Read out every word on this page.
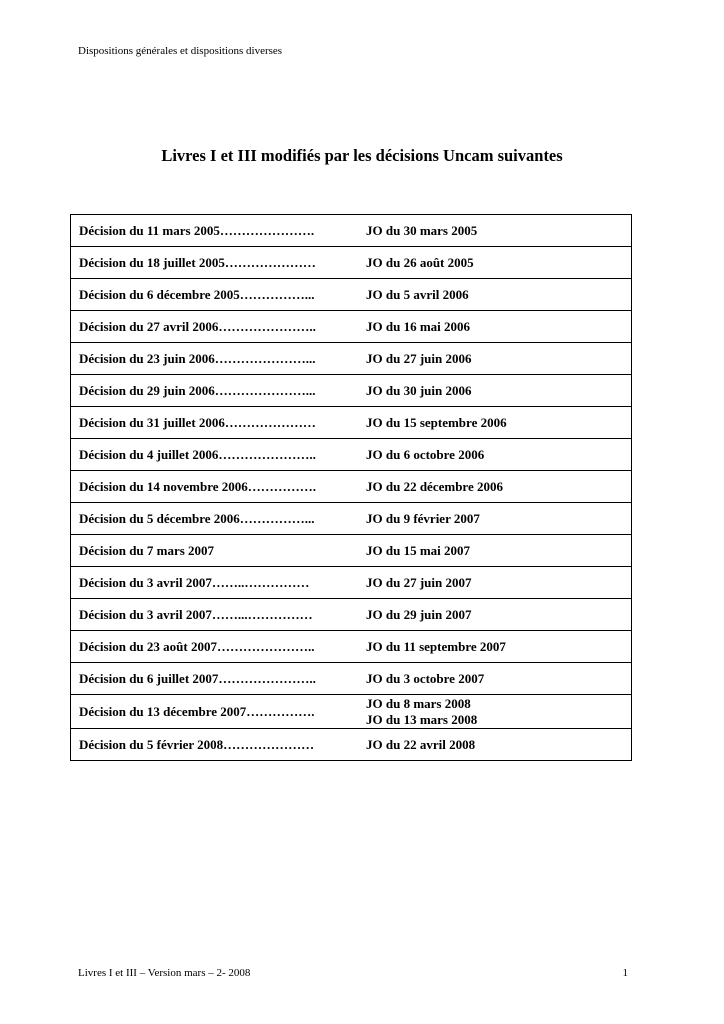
Dispositions générales et dispositions diverses
Livres I et III modifiés par les décisions Uncam suivantes
Décision du 11 mars 2005………………….	JO du 30 mars 2005

Décision du 18 juillet 2005…………………	JO du 26 août 2005

Décision du 6 décembre 2005……………...	JO du 5 avril 2006

Décision du 27 avril 2006…………………..	JO du 16 mai 2006

Décision du 23 juin 2006…………………...	JO du 27 juin 2006

Décision du 29 juin 2006…………………...	JO du 30 juin 2006

Décision du 31 juillet 2006…………………	JO du 15 septembre 2006

Décision du 4 juillet 2006…………………..	JO du 6 octobre 2006

Décision du 14 novembre 2006…………….	JO du 22 décembre 2006

Décision du 5 décembre 2006……………...	JO du 9 février 2007

Décision du 7 mars 2007	JO du 15 mai 2007

Décision du 3 avril 2007……..……………	JO du 27 juin 2007

Décision du 3 avril 2007……...……………	JO du 29 juin 2007

Décision du 23 août 2007…………………..	JO du 11 septembre 2007

Décision du 6 juillet 2007…………………..	JO du 3 octobre 2007

Décision du 13 décembre 2007…………….	JO du 8 mars 2008
JO du 13 mars 2008

Décision du 5 février 2008…………………	JO du 22 avril 2008
Livres I et III – Version mars – 2- 2008	1
